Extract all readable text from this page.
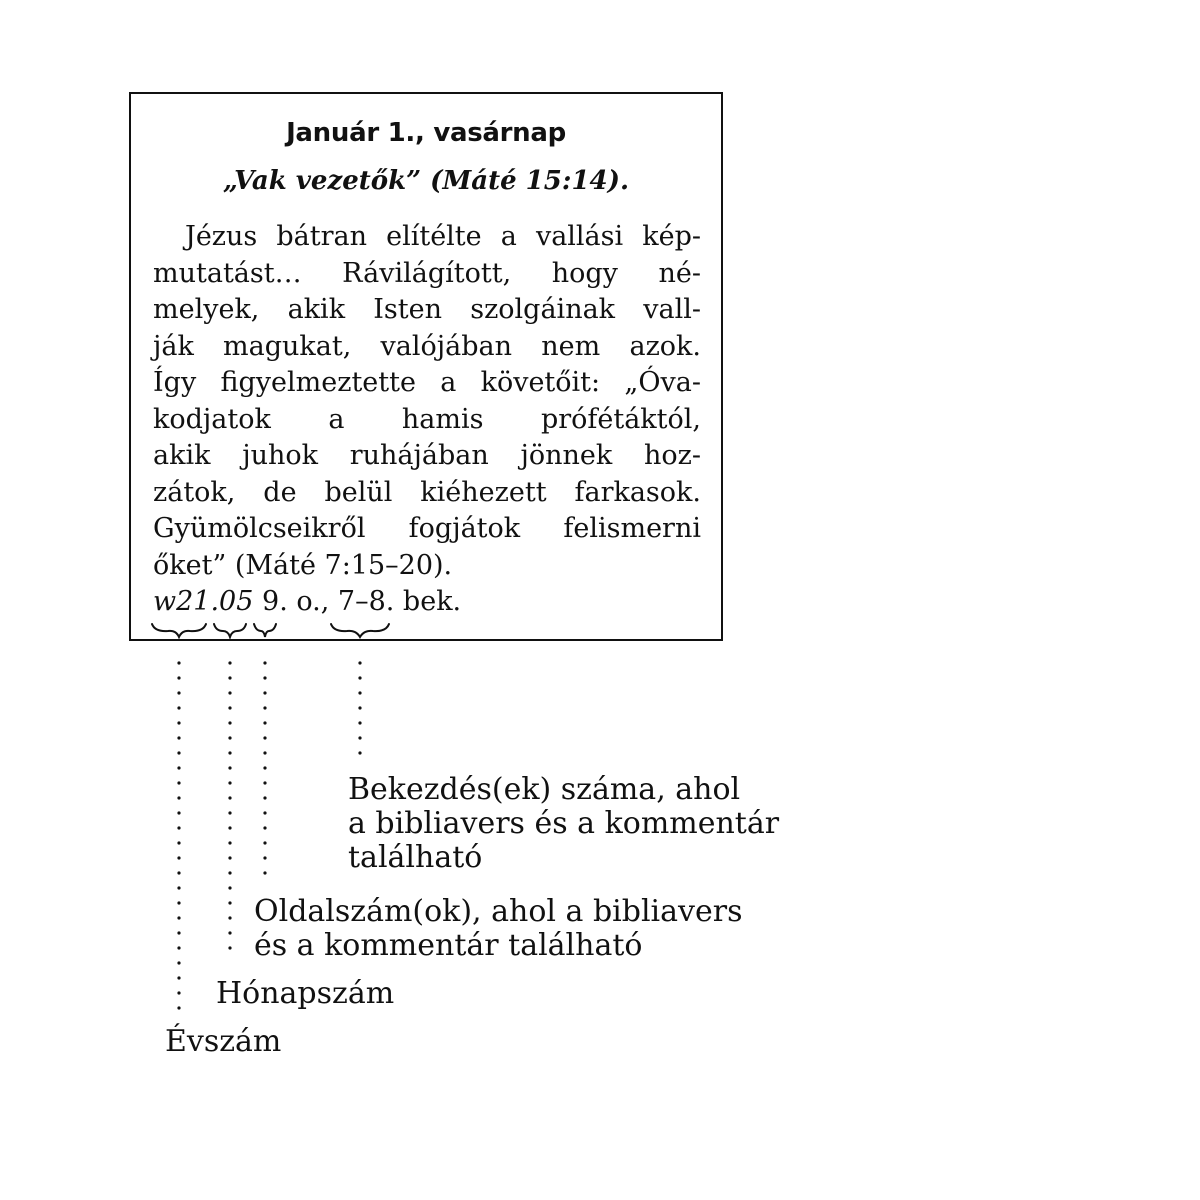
Január 1., vasárnap
„Vak vezetők” (Máté 15:14).
Jézus bátran elítélte a vallási kép-
mutatást… Rávilágított, hogy né-
melyek, akik Isten szolgáinak vall-
ják magukat, valójában nem azok.
Így figyelmeztette a követőit: „Óva-
kodjatok a hamis prófétáktól,
akik juhok ruhájában jönnek hoz-
zátok, de belül kiéhezett farkasok.
Gyümölcseikről fogjátok felismerni
őket” (Máté 7:15–20).
w21.05 9. o., 7–8. bek.
Bekezdés(ek) száma, ahol
a bibliavers és a kommentár
található
Oldalszám(ok), ahol a bibliavers
és a kommentár található
Hónapszám
Évszám
